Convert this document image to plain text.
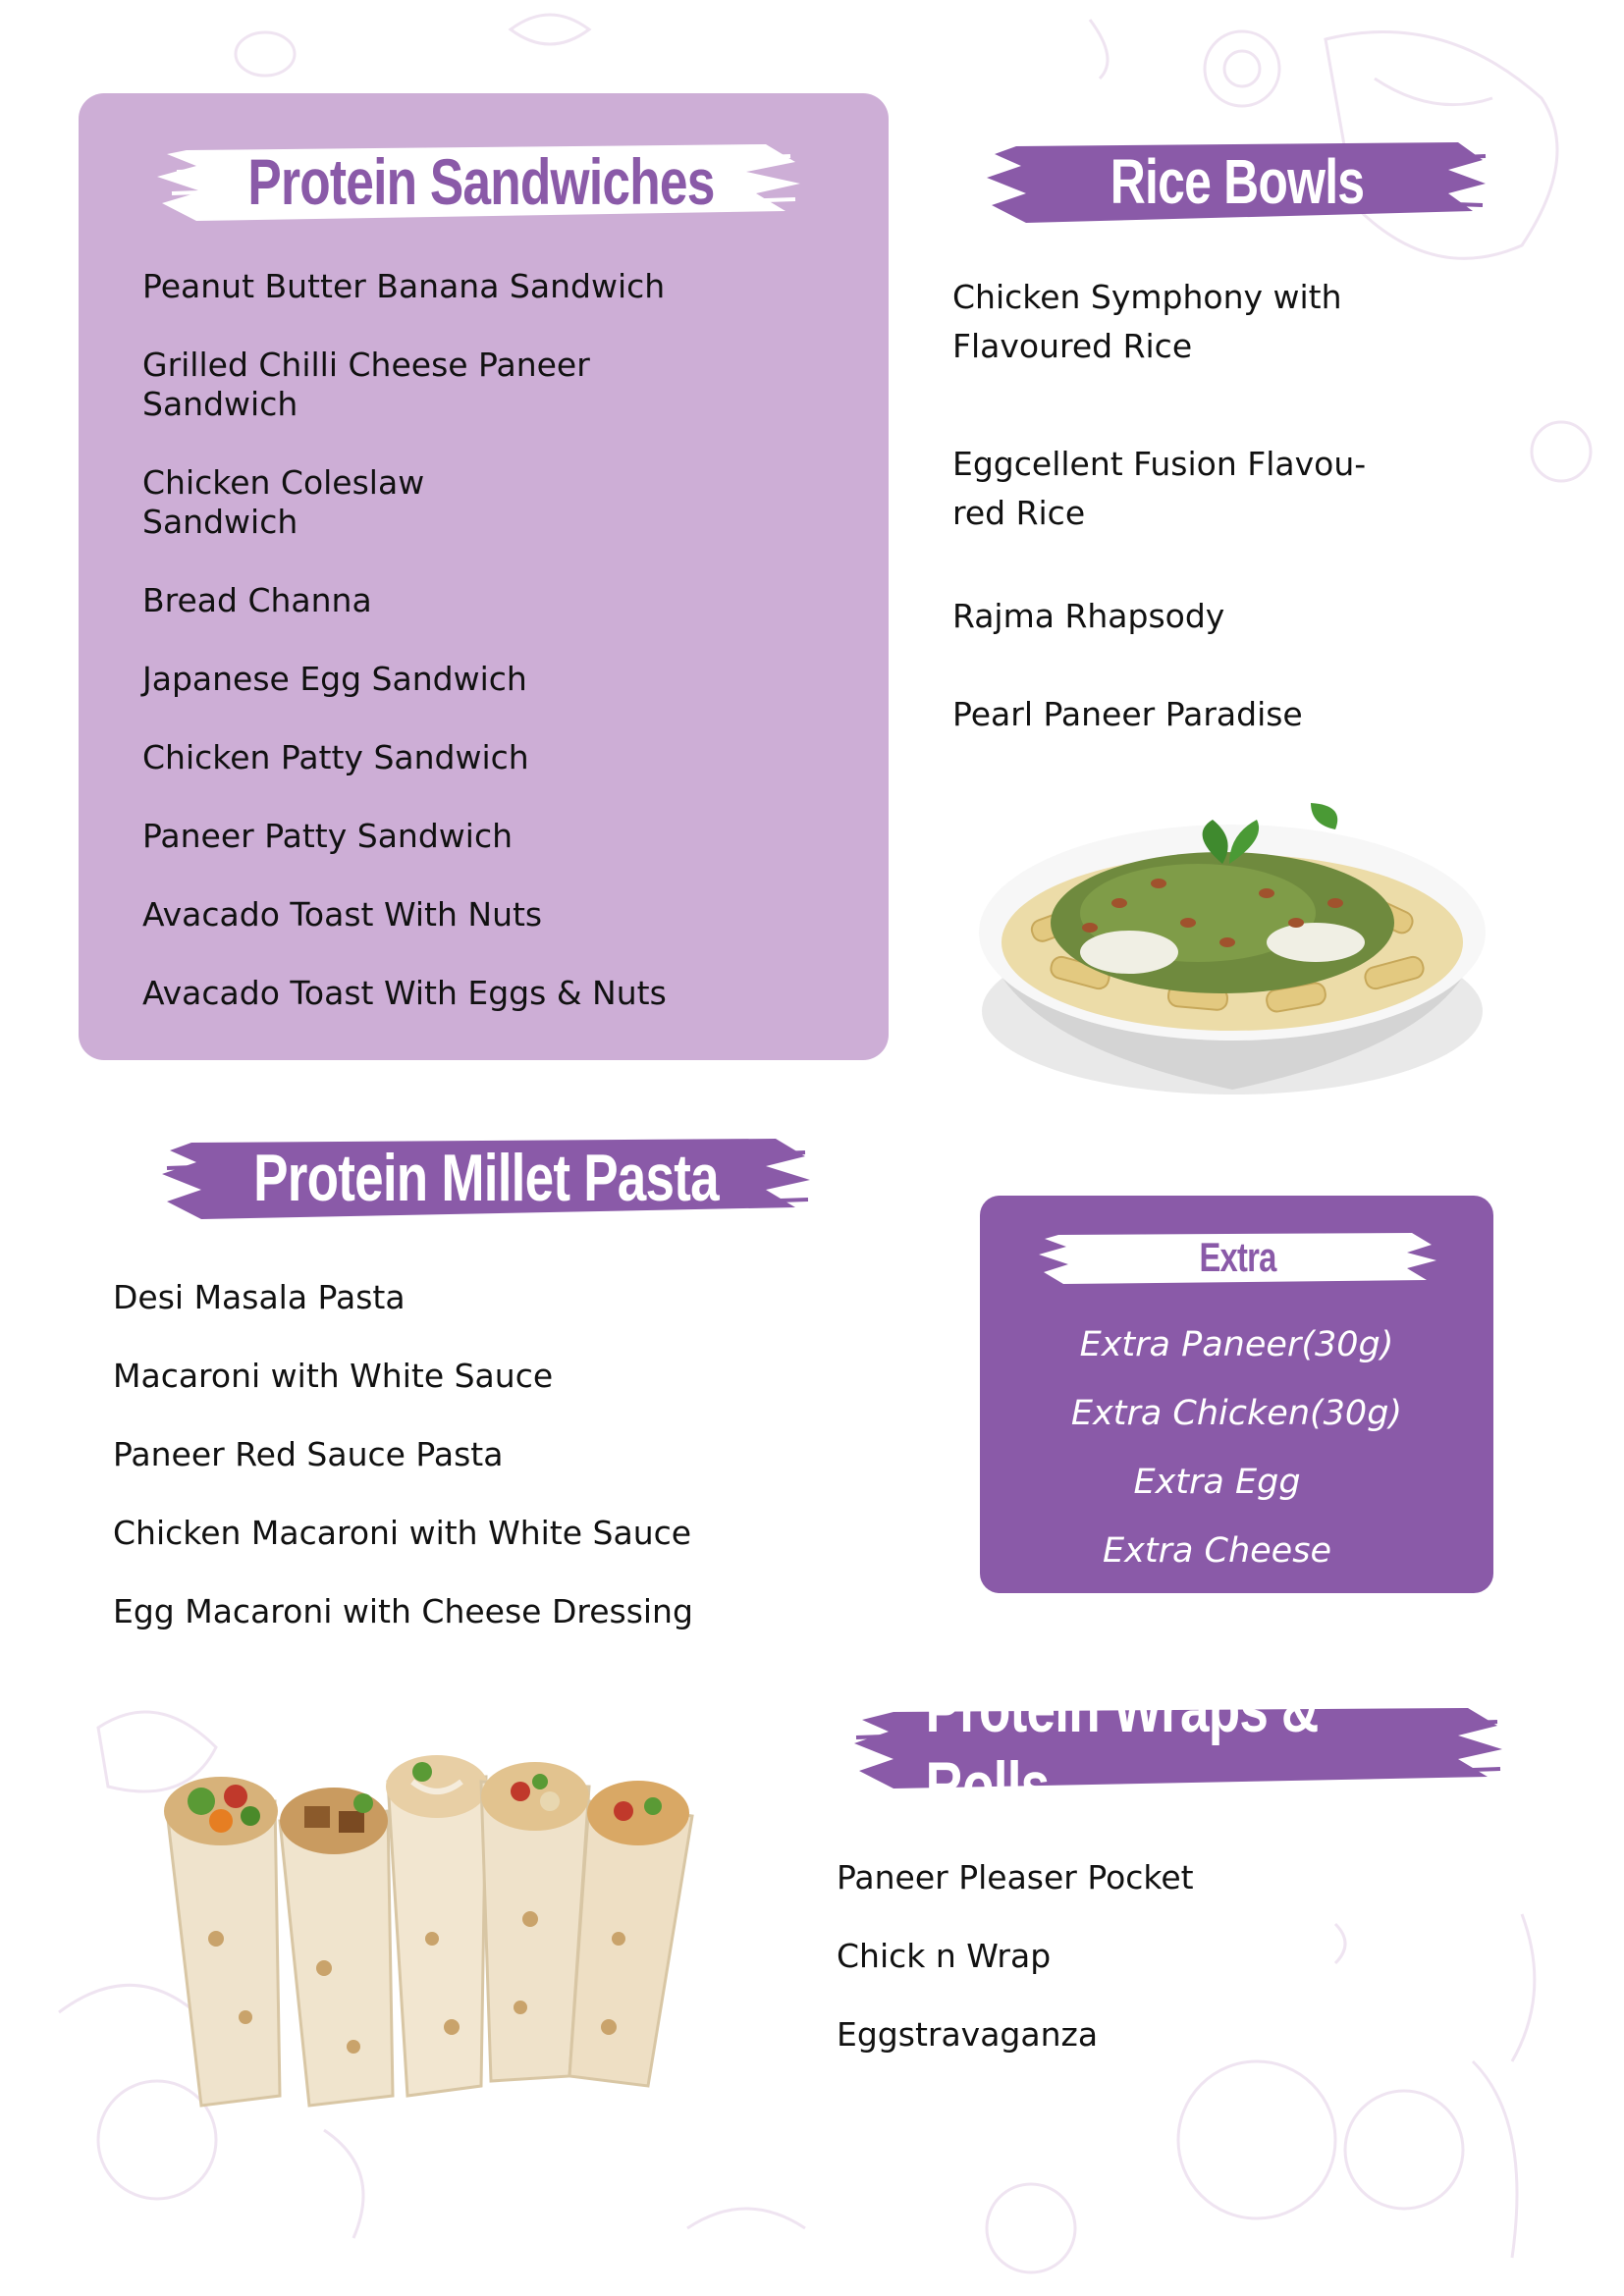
Protein Sandwiches
Peanut Butter Banana Sandwich
Grilled Chilli Cheese Paneer Sandwich
Chicken Coleslaw Sandwich
Bread Channa
Japanese Egg Sandwich
Chicken Patty Sandwich
Paneer Patty Sandwich
Avacado Toast With Nuts
Avacado Toast With Eggs & Nuts
Rice Bowls
Chicken Symphony with Flavoured Rice
Eggcellent Fusion Flavou- red Rice
Rajma Rhapsody
Pearl Paneer Paradise
Protein Millet Pasta
Desi Masala Pasta
Macaroni with White Sauce
Paneer Red Sauce Pasta
Chicken Macaroni with White Sauce
Egg Macaroni with Cheese Dressing
Extra
Extra Paneer(30g)
Extra Chicken(30g)
Extra Egg
Extra Cheese
Protein Wraps & Rolls
Paneer Pleaser Pocket
Chick n Wrap
Eggstravaganza
